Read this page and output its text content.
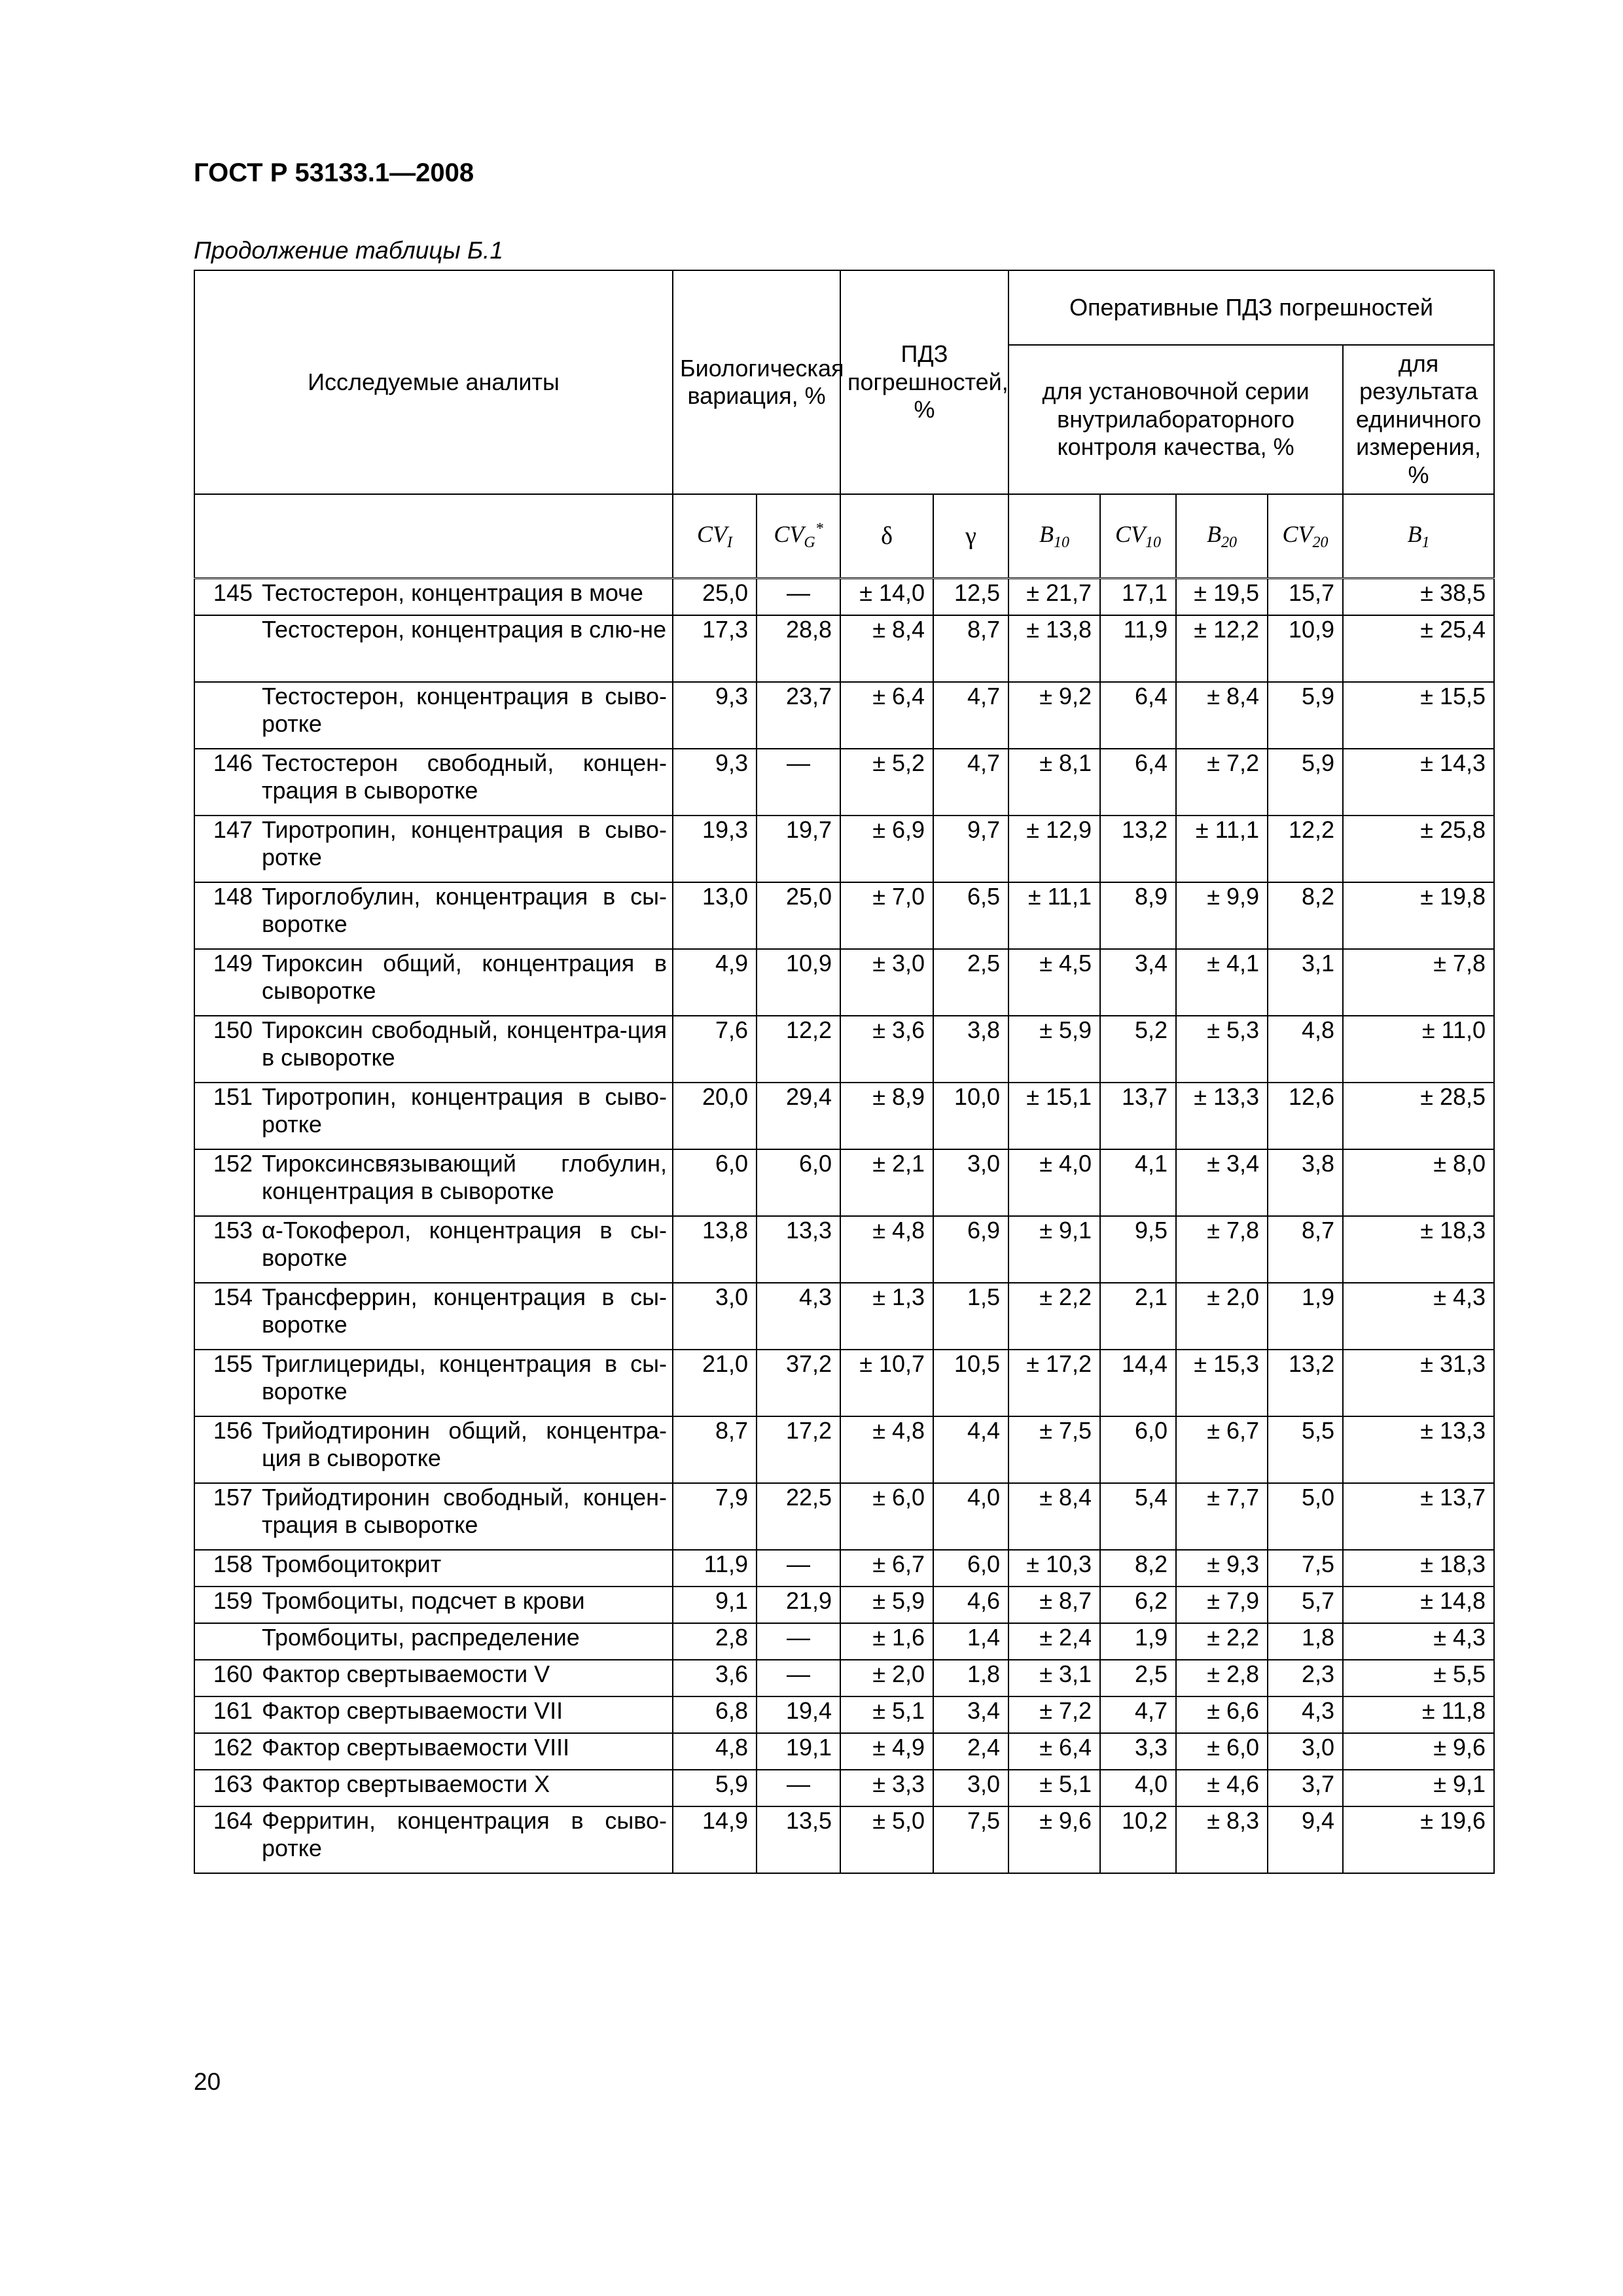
ГОСТ Р 53133.1—2008
Продолжение таблицы Б.1
Исследуемые аналиты		Биологическая вариация, %		ПДЗ погрешностей, %		Оперативные ПДЗ погрешностей				
						для установочной серии внутрилабораторного контроля качества, %				для результата единичного измерения, %
		$CV_I$	$CV_G^*$	δ	γ	$B_{10}$	$CV_{10}$	$B_{20}$	$CV_{20}$	$B_1$
145	Тестостерон, концентрация в моче	25,0	—	± 14,0	12,5	± 21,7	17,1	± 19,5	15,7	± 38,5
	Тестостерон, концентрация в слю-не	17,3	28,8	± 8,4	8,7	± 13,8	11,9	± 12,2	10,9	± 25,4
	Тестостерон, концентрация в сыво-ротке	9,3	23,7	± 6,4	4,7	± 9,2	6,4	± 8,4	5,9	± 15,5
146	Тестостерон свободный, концен-трация в сыворотке	9,3	—	± 5,2	4,7	± 8,1	6,4	± 7,2	5,9	± 14,3
147	Тиротропин, концентрация в сыво-ротке	19,3	19,7	± 6,9	9,7	± 12,9	13,2	± 11,1	12,2	± 25,8
148	Тироглобулин, концентрация в сы-воротке	13,0	25,0	± 7,0	6,5	± 11,1	8,9	± 9,9	8,2	± 19,8
149	Тироксин общий, концентрация в сыворотке	4,9	10,9	± 3,0	2,5	± 4,5	3,4	± 4,1	3,1	± 7,8
150	Тироксин свободный, концентра-ция в сыворотке	7,6	12,2	± 3,6	3,8	± 5,9	5,2	± 5,3	4,8	± 11,0
151	Тиротропин, концентрация в сыво-ротке	20,0	29,4	± 8,9	10,0	± 15,1	13,7	± 13,3	12,6	± 28,5
152	Тироксинсвязывающий глобулин, концентрация в сыворотке	6,0	6,0	± 2,1	3,0	± 4,0	4,1	± 3,4	3,8	± 8,0
153	α-Токоферол, концентрация в сы-воротке	13,8	13,3	± 4,8	6,9	± 9,1	9,5	± 7,8	8,7	± 18,3
154	Трансферрин, концентрация в сы-воротке	3,0	4,3	± 1,3	1,5	± 2,2	2,1	± 2,0	1,9	± 4,3
155	Триглицериды, концентрация в сы-воротке	21,0	37,2	± 10,7	10,5	± 17,2	14,4	± 15,3	13,2	± 31,3
156	Трийодтиронин общий, концентра-ция в сыворотке	8,7	17,2	± 4,8	4,4	± 7,5	6,0	± 6,7	5,5	± 13,3
157	Трийодтиронин свободный, концен-трация в сыворотке	7,9	22,5	± 6,0	4,0	± 8,4	5,4	± 7,7	5,0	± 13,7
158	Тромбоцитокрит	11,9	—	± 6,7	6,0	± 10,3	8,2	± 9,3	7,5	± 18,3
159	Тромбоциты, подсчет в крови	9,1	21,9	± 5,9	4,6	± 8,7	6,2	± 7,9	5,7	± 14,8
	Тромбоциты, распределение	2,8	—	± 1,6	1,4	± 2,4	1,9	± 2,2	1,8	± 4,3
160	Фактор свертываемости V	3,6	—	± 2,0	1,8	± 3,1	2,5	± 2,8	2,3	± 5,5
161	Фактор свертываемости VII	6,8	19,4	± 5,1	3,4	± 7,2	4,7	± 6,6	4,3	± 11,8
162	Фактор свертываемости VIII	4,8	19,1	± 4,9	2,4	± 6,4	3,3	± 6,0	3,0	± 9,6
163	Фактор свертываемости X	5,9	—	± 3,3	3,0	± 5,1	4,0	± 4,6	3,7	± 9,1
164	Ферритин, концентрация в сыво-ротке	14,9	13,5	± 5,0	7,5	± 9,6	10,2	± 8,3	9,4	± 19,6
20
